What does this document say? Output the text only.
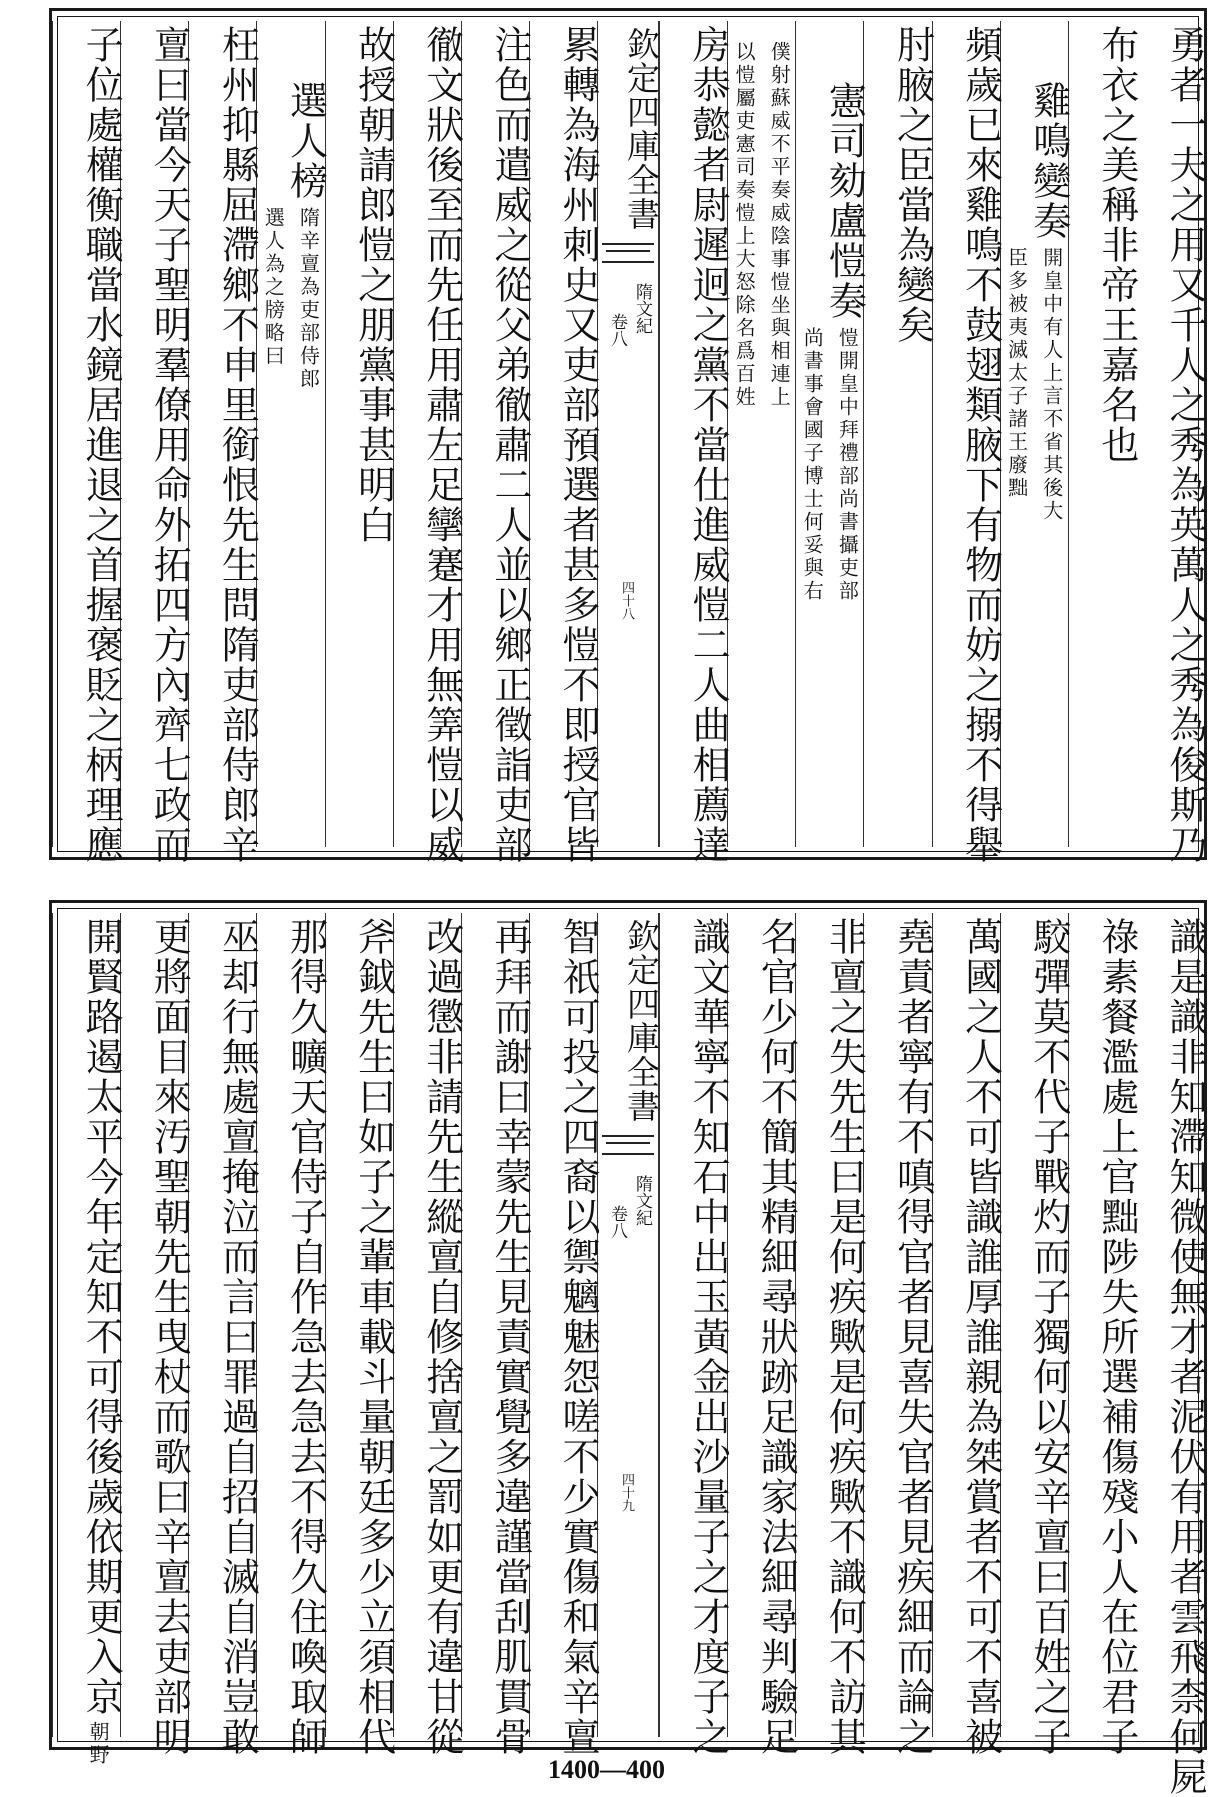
勇者一夫之用又千人之秀為英萬人之秀為俊斯乃
布衣之美稱非帝王嘉名也
雞鳴變奏
開皇中有人上言不省其後大
臣多被夷滅太子諸王廢黜
頻歲已來雞鳴不鼓翅類腋下有物而妨之搦不得舉
肘腋之臣當為變矣
憲司劾盧愷奏
愷開皇中拜禮部尚書攝吏部
尚書事會國子博士何妥與右
僕射蘇威不平奏威陰事愷坐與相連上
以愷屬吏憲司奏愷上大怒除名爲百姓
房恭懿者尉遲迥之黨不當仕進威愷二人曲相薦達
欽定四庫全書
隋文紀
卷八
四十八
累轉為海州刺史又吏部預選者甚多愷不即授官皆
注色而遣威之從父弟徹肅二人並以鄉正徵詣吏部
徹文狀後至而先任用肅左足攣蹇才用無筭愷以威
故授朝請郎愷之朋黨事甚明白
選人榜
隋辛亶為吏部侍郎
選人為之牓略曰
枉州抑縣屈滯鄉不申里銜恨先生問隋吏部侍郎辛
亶曰當今天子聖明羣僚用命外拓四方內齊七政而
子位處權衡職當水鏡居進退之首握褒貶之柄理應
識是識非知滯知微使無才者泥伏有用者雲飛柰何屍
祿素餐濫處上官黜陟失所選補傷殘小人在位君子
駮彈莫不代子戰灼而子獨何以安辛亶曰百姓之子
萬國之人不可皆識誰厚誰親為桀賞者不可不喜被
堯責者寧有不嗔得官者見喜失官者見疾細而論之
非亶之失先生曰是何疾歟是何疾歟不識何不訪其
名官少何不簡其精細尋狀跡足識家法細尋判驗足
識文華寧不知石中出玉黃金出沙量子之才度子之
欽定四庫全書
隋文紀
卷八
四十九
智祇可投之四裔以禦魑魅怨嗟不少實傷和氣辛亶
再拜而謝曰幸蒙先生見責實覺多違謹當刮肌貫骨
改過懲非請先生縱亶自修捨亶之罰如更有違甘從
斧鉞先生曰如子之輩車載斗量朝廷多少立須相代
那得久曠天官侍子自作急去急去不得久住喚取師
巫却行無處亶掩泣而言曰罪過自招自滅自消豈敢
更將面目來汚聖朝先生曳杖而歌曰辛亶去吏部明
開賢路遏太平今年定知不可得後歲依期更入京
朝野
1400—400
